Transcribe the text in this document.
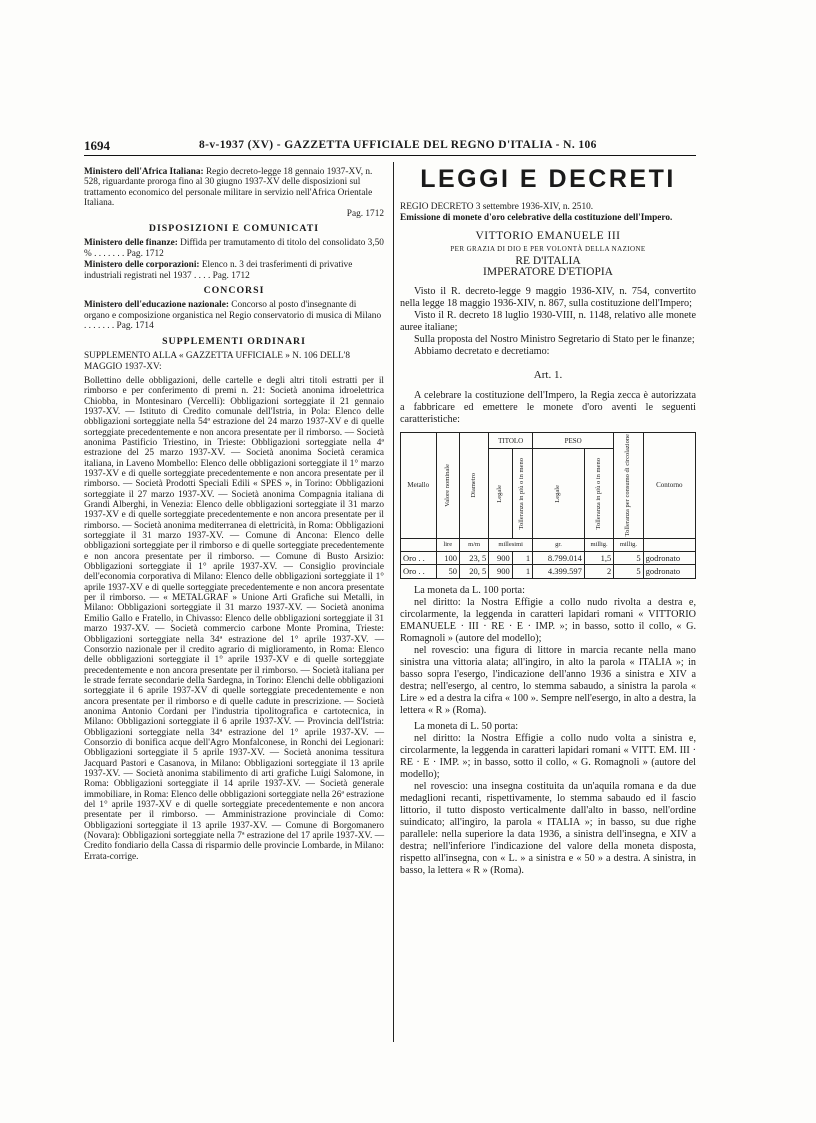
1694	8-v-1937 (XV) - GAZZETTA UFFICIALE DEL REGNO D'ITALIA - N. 106
Ministero dell'Africa Italiana: Regio decreto-legge 18 gennaio 1937-XV, n. 528, riguardante proroga fino al 30 giugno 1937-XV delle disposizioni sul trattamento economico del personale militare in servizio nell'Africa Orientale Italiana.
Pag. 1712
DISPOSIZIONI E COMUNICATI
Ministero delle finanze: Diffida per tramutamento di titolo del consolidato 3,50 % . . . . . . . Pag. 1712
Ministero delle corporazioni: Elenco n. 3 dei trasferimenti di privative industriali registrati nel 1937 . . . . Pag. 1712
CONCORSI
Ministero dell'educazione nazionale: Concorso al posto d'insegnante di organo e composizione organistica nel Regio conservatorio di musica di Milano . . . . . . . Pag. 1714
SUPPLEMENTI ORDINARI
SUPPLEMENTO ALLA « GAZZETTA UFFICIALE » N. 106 DELL'8 MAGGIO 1937-XV:
Bollettino delle obbligazioni, delle cartelle e degli altri titoli estratti per il rimborso e per conferimento di premi n. 21: Società anonima idroelettrica Chiobba, in Montesinaro (Vercelli): Obbligazioni sorteggiate il 21 gennaio 1937-XV. — Istituto di Credito comunale dell'Istria, in Pola: Elenco delle obbligazioni sorteggiate nella 54ª estrazione del 24 marzo 1937-XV e di quelle sorteggiate precedentemente e non ancora presentate per il rimborso. — Società anonima Pastificio Triestino, in Trieste: Obbligazioni sorteggiate nella 4ª estrazione del 25 marzo 1937-XV. — Società anonima Società ceramica italiana, in Laveno Mombello: Elenco delle obbligazioni sorteggiate il 1° marzo 1937-XV e di quelle sorteggiate precedentemente e non ancora presentate per il rimborso. — Società Prodotti Speciali Edili « SPES », in Torino: Obbligazioni sorteggiate il 27 marzo 1937-XV. — Società anonima Compagnia italiana di Grandi Alberghi, in Venezia: Elenco delle obbligazioni sorteggiate il 31 marzo 1937-XV e di quelle sorteggiate precedentemente e non ancora presentate per il rimborso. — Società anonima mediterranea di elettricità, in Roma: Obbligazioni sorteggiate il 31 marzo 1937-XV. — Comune di Ancona: Elenco delle obbligazioni sorteggiate per il rimborso e di quelle sorteggiate precedentemente e non ancora presentate per il rimborso. — Comune di Busto Arsizio: Obbligazioni sorteggiate il 1° aprile 1937-XV. — Consiglio provinciale dell'economia corporativa di Milano: Elenco delle obbligazioni sorteggiate il 1° aprile 1937-XV e di quelle sorteggiate precedentemente e non ancora presentate per il rimborso. — « METALGRAF » Unione Arti Grafiche sui Metalli, in Milano: Obbligazioni sorteggiate il 31 marzo 1937-XV. — Società anonima Emilio Gallo e Fratello, in Chivasso: Elenco delle obbligazioni sorteggiate il 31 marzo 1937-XV. — Società commercio carbone Monte Promina, Trieste: Obbligazioni sorteggiate nella 34ª estrazione del 1° aprile 1937-XV. — Consorzio nazionale per il credito agrario di miglioramento, in Roma: Elenco delle obbligazioni sorteggiate il 1° aprile 1937-XV e di quelle sorteggiate precedentemente e non ancora presentate per il rimborso. — Società italiana per le strade ferrate secondarie della Sardegna, in Torino: Elenchi delle obbligazioni sorteggiate il 6 aprile 1937-XV di quelle sorteggiate precedentemente e non ancora presentate per il rimborso e di quelle cadute in prescrizione. — Società anonima Antonio Cordani per l'industria tipolitografica e cartotecnica, in Milano: Obbligazioni sorteggiate il 6 aprile 1937-XV. — Provincia dell'Istria: Obbligazioni sorteggiate nella 34ª estrazione del 1° aprile 1937-XV. — Consorzio di bonifica acque dell'Agro Monfalconese, in Ronchi dei Legionari: Obbligazioni sorteggiate il 5 aprile 1937-XV. — Società anonima tessitura Jacquard Pastori e Casanova, in Milano: Obbligazioni sorteggiate il 13 aprile 1937-XV. — Società anonima stabilimento di arti grafiche Luigi Salomone, in Roma: Obbligazioni sorteggiate il 14 aprile 1937-XV. — Società generale immobiliare, in Roma: Elenco delle obbligazioni sorteggiate nella 26ª estrazione del 1° aprile 1937-XV e di quelle sorteggiate precedentemente e non ancora presentate per il rimborso. — Amministrazione provinciale di Como: Obbligazioni sorteggiate il 13 aprile 1937-XV. — Comune di Borgomanero (Novara): Obbligazioni sorteggiate nella 7ª estrazione del 17 aprile 1937-XV. — Credito fondiario della Cassa di risparmio delle provincie Lombarde, in Milano: Errata-corrige.
LEGGI E DECRETI
REGIO DECRETO 3 settembre 1936-XIV, n. 2510.
Emissione di monete d'oro celebrative della costituzione dell'Impero.
VITTORIO EMANUELE III
PER GRAZIA DI DIO E PER VOLONTÀ DELLA NAZIONE
RE D'ITALIA
IMPERATORE D'ETIOPIA

Visto il R. decreto-legge 9 maggio 1936-XIV, n. 754, convertito nella legge 18 maggio 1936-XIV, n. 867, sulla costituzione dell'Impero;

Visto il R. decreto 18 luglio 1930-VIII, n. 1148, relativo alle monete auree italiane;

Sulla proposta del Nostro Ministro Segretario di Stato per le finanze;

Abbiamo decretato e decretiamo:

Art. 1.

A celebrare la costituzione dell'Impero, la Regia zecca è autorizzata a fabbricare ed emettere le monete d'oro aventi le seguenti caratteristiche:

Metallo	Valore nominale	Diametro	TITOLO		PESO		Tolleranza per consumo di circolazione	Contorno

			Legale	Tolleranza in più o in meno	Legale	Tolleranza in più o in meno		

	lire	m/m	millesimi		gr.	millig.	millig.	
Oro . .	100	23, 5	900	1	8.799.014	1,5	5	godronato
Oro . .	50	20, 5	900	1	4.399.597	2	5	godronato

La moneta da L. 100 porta:

nel diritto: la Nostra Effigie a collo nudo rivolta a destra e, circolarmente, la leggenda in caratteri lapidari romani « VITTORIO EMANUELE · III · RE · E · IMP. »; in basso, sotto il collo, « G. Romagnoli » (autore del modello);

nel rovescio: una figura di littore in marcia recante nella mano sinistra una vittoria alata; all'ingiro, in alto la parola « ITALIA »; in basso sopra l'esergo, l'indicazione dell'anno 1936 a sinistra e XIV a destra; nell'esergo, al centro, lo stemma sabaudo, a sinistra la parola « Lire » ed a destra la cifra « 100 ». Sempre nell'esergo, in alto a destra, la lettera « R » (Roma).

La moneta di L. 50 porta:

nel diritto: la Nostra Effigie a collo nudo volta a sinistra e, circolarmente, la leggenda in caratteri lapidari romani « VITT. EM. III · RE · E · IMP. »; in basso, sotto il collo, « G. Romagnoli » (autore del modello);

nel rovescio: una insegna costituita da un'aquila romana e da due medaglioni recanti, rispettivamente, lo stemma sabaudo ed il fascio littorio, il tutto disposto verticalmente dall'alto in basso, nell'ordine suindicato; all'ingiro, la parola « ITALIA »; in basso, su due righe parallele: nella superiore la data 1936, a sinistra dell'insegna, e XIV a destra; nell'inferiore l'indicazione del valore della moneta disposta, rispetto all'insegna, con « L. » a sinistra e « 50 » a destra. A sinistra, in basso, la lettera « R » (Roma).
